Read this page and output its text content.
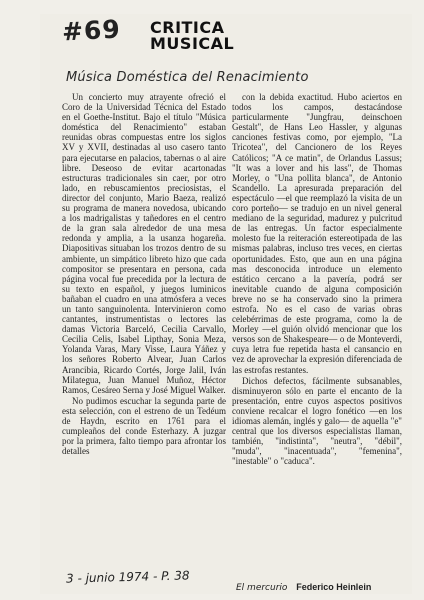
#69 CRITICA
MUSICAL
Música Doméstica del Renacimiento

Un concierto muy atrayente ofreció el Coro de la Universidad Técnica del Estado en el Goethe-Institut. Bajo el título "Música doméstica del Renacimiento" estaban reunidas obras compuestas entre los siglos XV y XVII, destinadas al uso casero tanto para ejecutarse en palacios, tabernas o al aire libre. Deseoso de evitar acartonadas estructuras tradicionales sin caer, por otro lado, en rebuscamientos preciosistas, el director del conjunto, Mario Baeza, realizó su programa de manera novedosa, ubicando a los madrigalistas y tañedores en el centro de la gran sala alrededor de una mesa redonda y amplia, a la usanza hogareña. Diapositivas situaban los trozos dentro de su ambiente, un simpático libreto hizo que cada compositor se presentara en persona, cada página vocal fue precedida por la lectura de su texto en español, y juegos luminicos bañaban el cuadro en una atmósfera a veces un tanto sanguinolenta. Intervinieron como cantantes, instrumentistas o lectores las damas Victoria Barceló, Cecilia Carvallo, Cecilia Celis, Isabel Lipthay, Sonia Meza, Yolanda Varas, Mary Visse, Laura Yáñez y los señores Roberto Alvear, Juan Carlos Arancibia, Ricardo Cortés, Jorge Jalil, Iván Milategua, Juan Manuel Muñoz, Héctor Ramos, Cesáreo Serna y José Miguel Walker.

No pudimos escuchar la segunda parte de esta selección, con el estreno de un Tedéum de Haydn, escrito en 1761 para el cumpleaños del conde Esterhazy. A juzgar por la primera, falto tiempo para afrontar los detalles

con la debida exactitud. Hubo aciertos en todos los campos, destacándose particularmente "Jungfrau, deinschoen Gestalt", de Hans Leo Hassler, y algunas canciones festivas como, por ejemplo, "La Tricotea", del Cancionero de los Reyes Católicos; "A ce matin", de Orlandus Lassus; "It was a lover and his lass", de Thomas Morley, o "Una pollita blanca", de Antonio Scandello. La apresurada preparación del espectáculo —el que reemplazó la visita de un coro porteño— se tradujo en un nivel general mediano de la seguridad, madurez y pulcritud de las entregas. Un factor especialmente molesto fue la reiteración estereotipada de las mismas palabras, incluso tres veces, en ciertas oportunidades. Esto, que aun en una página mas desconocida introduce un elemento estático cercano a la pavería, podrá ser inevitable cuando de alguna composición breve no se ha conservado sino la primera estrofa. No es el caso de varias obras celebérrimas de este programa, como la de Morley —el guión olvidó mencionar que los versos son de Shakespeare— o de Monteverdi, cuya letra fue repetida hasta el cansancio en vez de aprovechar la expresión diferenciada de las estrofas restantes.

Dichos defectos, fácilmente subsanables, disminuyeron sólo en parte el encanto de la presentación, entre cuyos aspectos positivos conviene recalcar el logro fonético —en los idiomas alemán, inglés y galo— de aquella "e" central que los diversos especialistas llaman, también, "indistinta", "neutra", "débil", "muda", "inacentuada", "femenina", "inestable" o "caduca".

3 - junio 1974 - P. 38
El mercurio Federico Heinlein
